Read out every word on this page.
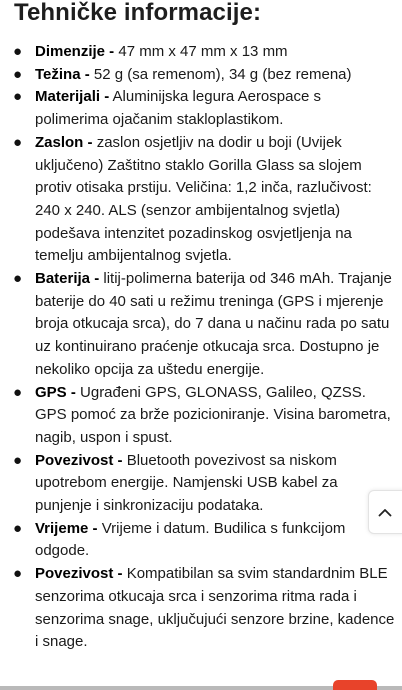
Tehničke informacije:
● Dimenzije - 47 mm x 47 mm x 13 mm
● Težina - 52 g (sa remenom), 34 g (bez remena)
● Materijali - Aluminijska legura Aerospace s polimerima ojačanim stakloplastikom.
● Zaslon - zaslon osjetljiv na dodir u boji (Uvijek uključeno) Zaštitno staklo Gorilla Glass sa slojem protiv otisaka prstiju. Veličina: 1,2 inča, razlučivost: 240 x 240. ALS (senzor ambijentalnog svjetla) podešava intenzitet pozadinskog osvjetljenja na temelju ambijentalnog svjetla.
● Baterija - litij-polimerna baterija od 346 mAh. Trajanje baterije do 40 sati u režimu treninga (GPS i mjerenje broja otkucaja srca), do 7 dana u načinu rada po satu uz kontinuirano praćenje otkucaja srca. Dostupno je nekoliko opcija za uštedu energije.
● GPS - Ugrađeni GPS, GLONASS, Galileo, QZSS. GPS pomoć za brže pozicioniranje. Visina barometra, nagib, uspon i spust.
● Povezivost - Bluetooth povezivost sa niskom upotrebom energije. Namjenski USB kabel za punjenje i sinkronizaciju podataka.
● Vrijeme - Vrijeme i datum. Budilica s funkcijom odgode.
● Povezivost - Kompatibilan sa svim standardnim BLE senzorima otkucaja srca i senzorima ritma rada i senzorima snage, uključujući senzore brzine, kadence i snage.
